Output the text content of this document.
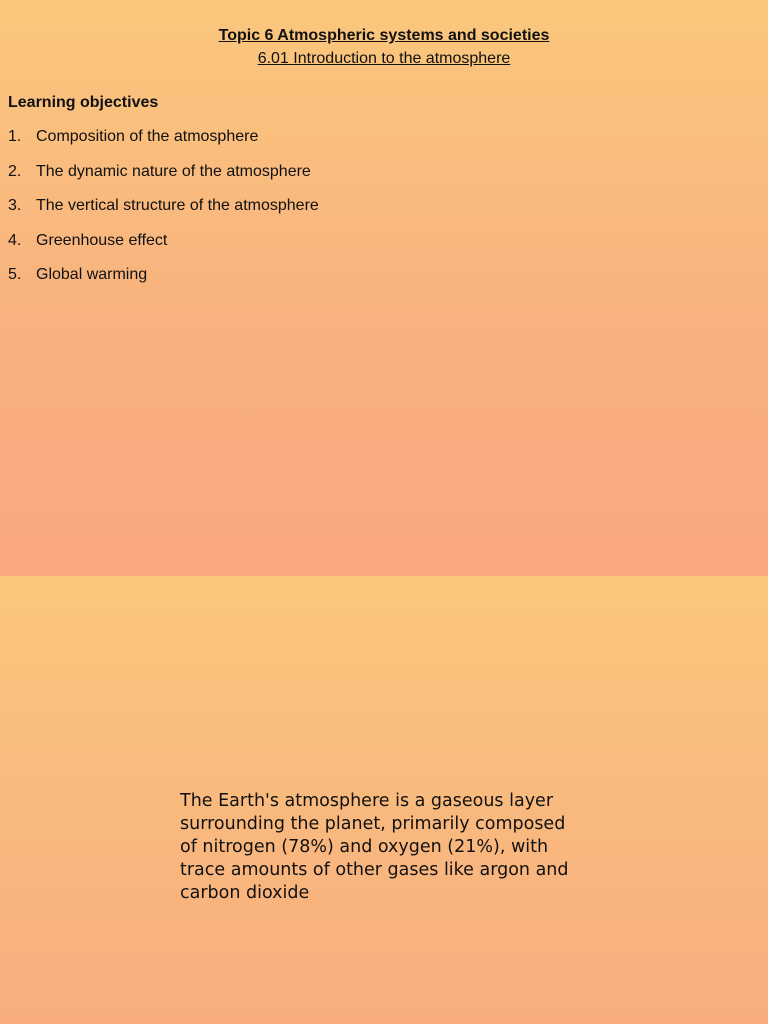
Topic 6 Atmospheric systems and societies
6.01 Introduction to the atmosphere
Learning objectives
1. Composition of the atmosphere
2. The dynamic nature of the atmosphere
3. The vertical structure of the atmosphere
4. Greenhouse effect
5. Global warming
The Earth's atmosphere is a gaseous layer surrounding the planet, primarily composed of nitrogen (78%) and oxygen (21%), with trace amounts of other gases like argon and carbon dioxide
